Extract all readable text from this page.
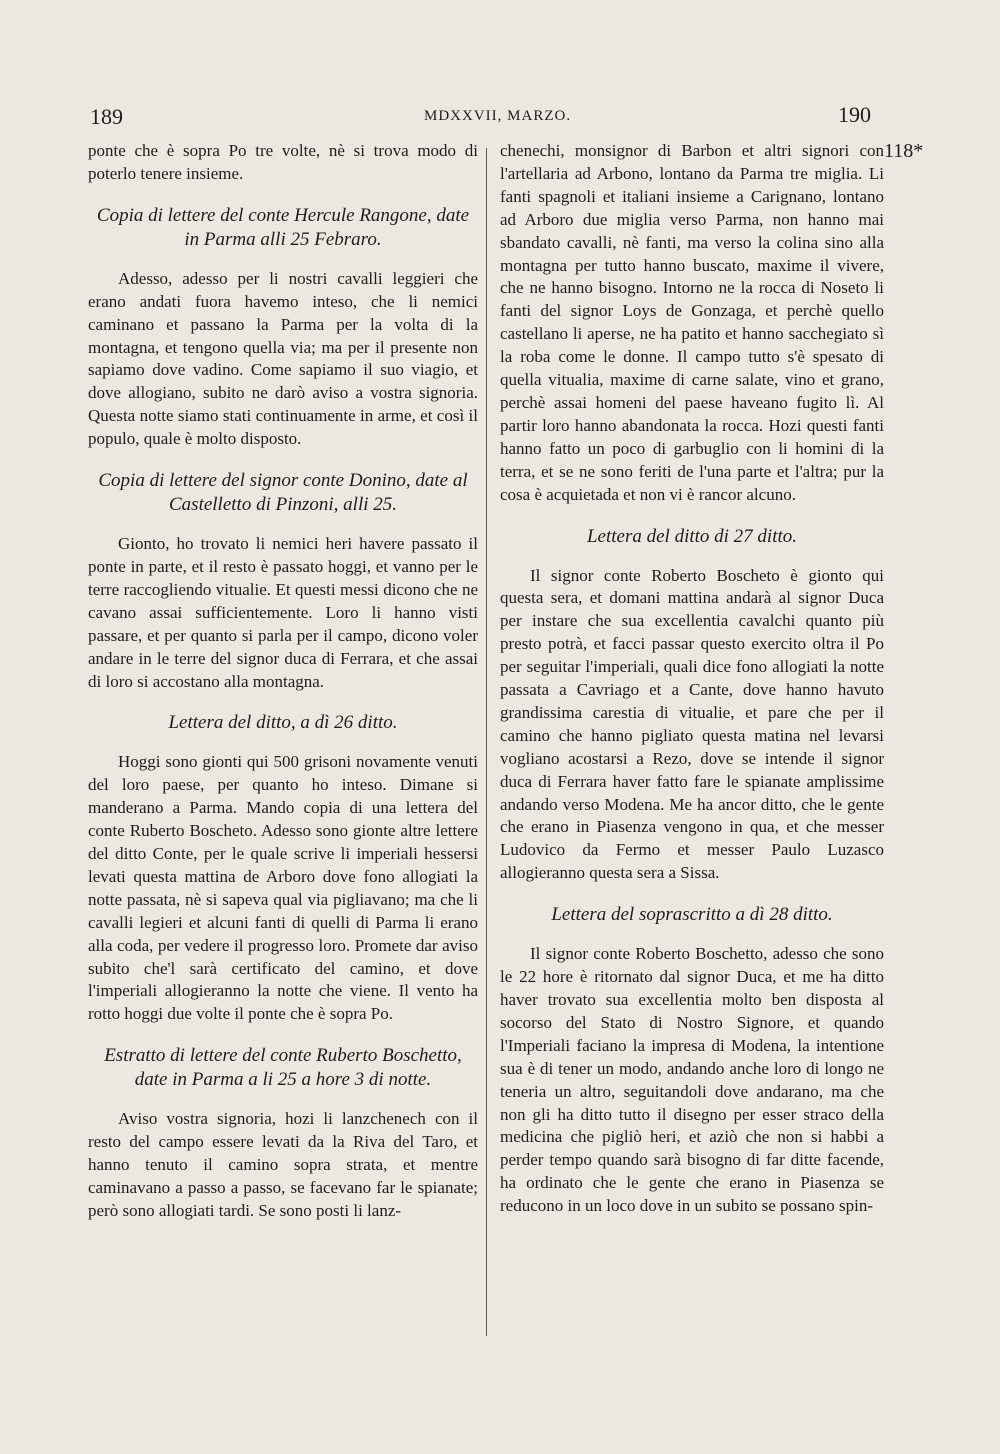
189	MDXXVII, MARZO.	190
118*

ponte che è sopra Po tre volte, nè si trova modo di poterlo tenere insieme.

Copia di lettere del conte Hercule Rangone, date in Parma alli 25 Febraro.

Adesso, adesso per li nostri cavalli leggieri che erano andati fuora havemo inteso, che li nemici caminano et passano la Parma per la volta di la montagna, et tengono quella via; ma per il presente non sapiamo dove vadino. Come sapiamo il suo viagio, et dove allogiano, subito ne darò aviso a vostra signoria. Questa notte siamo stati continuamente in arme, et così il populo, quale è molto disposto.

Copia di lettere del signor conte Donino, date al Castelletto di Pinzoni, alli 25.

Gionto, ho trovato li nemici heri havere passato il ponte in parte, et il resto è passato hoggi, et vanno per le terre raccogliendo vitualie. Et questi messi dicono che ne cavano assai sufficientemente. Loro li hanno visti passare, et per quanto si parla per il campo, dicono voler andare in le terre del signor duca di Ferrara, et che assai di loro si accostano alla montagna.

Lettera del ditto, a dì 26 ditto.

Hoggi sono gionti qui 500 grisoni novamente venuti del loro paese, per quanto ho inteso. Dimane si manderano a Parma. Mando copia di una lettera del conte Ruberto Boscheto. Adesso sono gionte altre lettere del ditto Conte, per le quale scrive li imperiali hessersi levati questa mattina de Arboro dove fono allogiati la notte passata, nè si sapeva qual via pigliavano; ma che li cavalli legieri et alcuni fanti di quelli di Parma li erano alla coda, per vedere il progresso loro. Promete dar aviso subito che'l sarà certificato del camino, et dove l'imperiali allogieranno la notte che viene. Il vento ha rotto hoggi due volte il ponte che è sopra Po.

Estratto di lettere del conte Ruberto Boschetto, date in Parma a li 25 a hore 3 di notte.

Aviso vostra signoria, hozi li lanzchenech con il resto del campo essere levati da la Riva del Taro, et hanno tenuto il camino sopra strata, et mentre caminavano a passo a passo, se facevano far le spianate; però sono allogiati tardi. Se sono posti li lanz-

chenechi, monsignor di Barbon et altri signori con l'artellaria ad Arbono, lontano da Parma tre miglia. Li fanti spagnoli et italiani insieme a Carignano, lontano ad Arboro due miglia verso Parma, non hanno mai sbandato cavalli, nè fanti, ma verso la colina sino alla montagna per tutto hanno buscato, maxime il vivere, che ne hanno bisogno. Intorno ne la rocca di Noseto li fanti del signor Loys de Gonzaga, et perchè quello castellano li aperse, ne ha patito et hanno sacchegiato sì la roba come le donne. Il campo tutto s'è spesato di quella vitualia, maxime di carne salate, vino et grano, perchè assai homeni del paese haveano fugito lì. Al partir loro hanno abandonata la rocca. Hozi questi fanti hanno fatto un poco di garbuglio con li homini di la terra, et se ne sono feriti de l'una parte et l'altra; pur la cosa è acquietada et non vi è rancor alcuno.

Lettera del ditto di 27 ditto.

Il signor conte Roberto Boscheto è gionto qui questa sera, et domani mattina andarà al signor Duca per instare che sua excellentia cavalchi quanto più presto potrà, et facci passar questo exercito oltra il Po per seguitar l'imperiali, quali dice fono allogiati la notte passata a Cavriago et a Cante, dove hanno havuto grandissima carestia di vitualie, et pare che per il camino che hanno pigliato questa matina nel levarsi vogliano acostarsi a Rezo, dove se intende il signor duca di Ferrara haver fatto fare le spianate amplissime andando verso Modena. Me ha ancor ditto, che le gente che erano in Piasenza vengono in qua, et che messer Ludovico da Fermo et messer Paulo Luzasco allogieranno questa sera a Sissa.

Lettera del soprascritto a dì 28 ditto.

Il signor conte Roberto Boschetto, adesso che sono le 22 hore è ritornato dal signor Duca, et me ha ditto haver trovato sua excellentia molto ben disposta al socorso del Stato di Nostro Signore, et quando l'Imperiali faciano la impresa di Modena, la intentione sua è di tener un modo, andando anche loro di longo ne teneria un altro, seguitandoli dove andarano, ma che non gli ha ditto tutto il disegno per esser straco della medicina che pigliò heri, et aziò che non si habbi a perder tempo quando sarà bisogno di far ditte facende, ha ordinato che le gente che erano in Piasenza se reducono in un loco dove in un subito se possano spin-
